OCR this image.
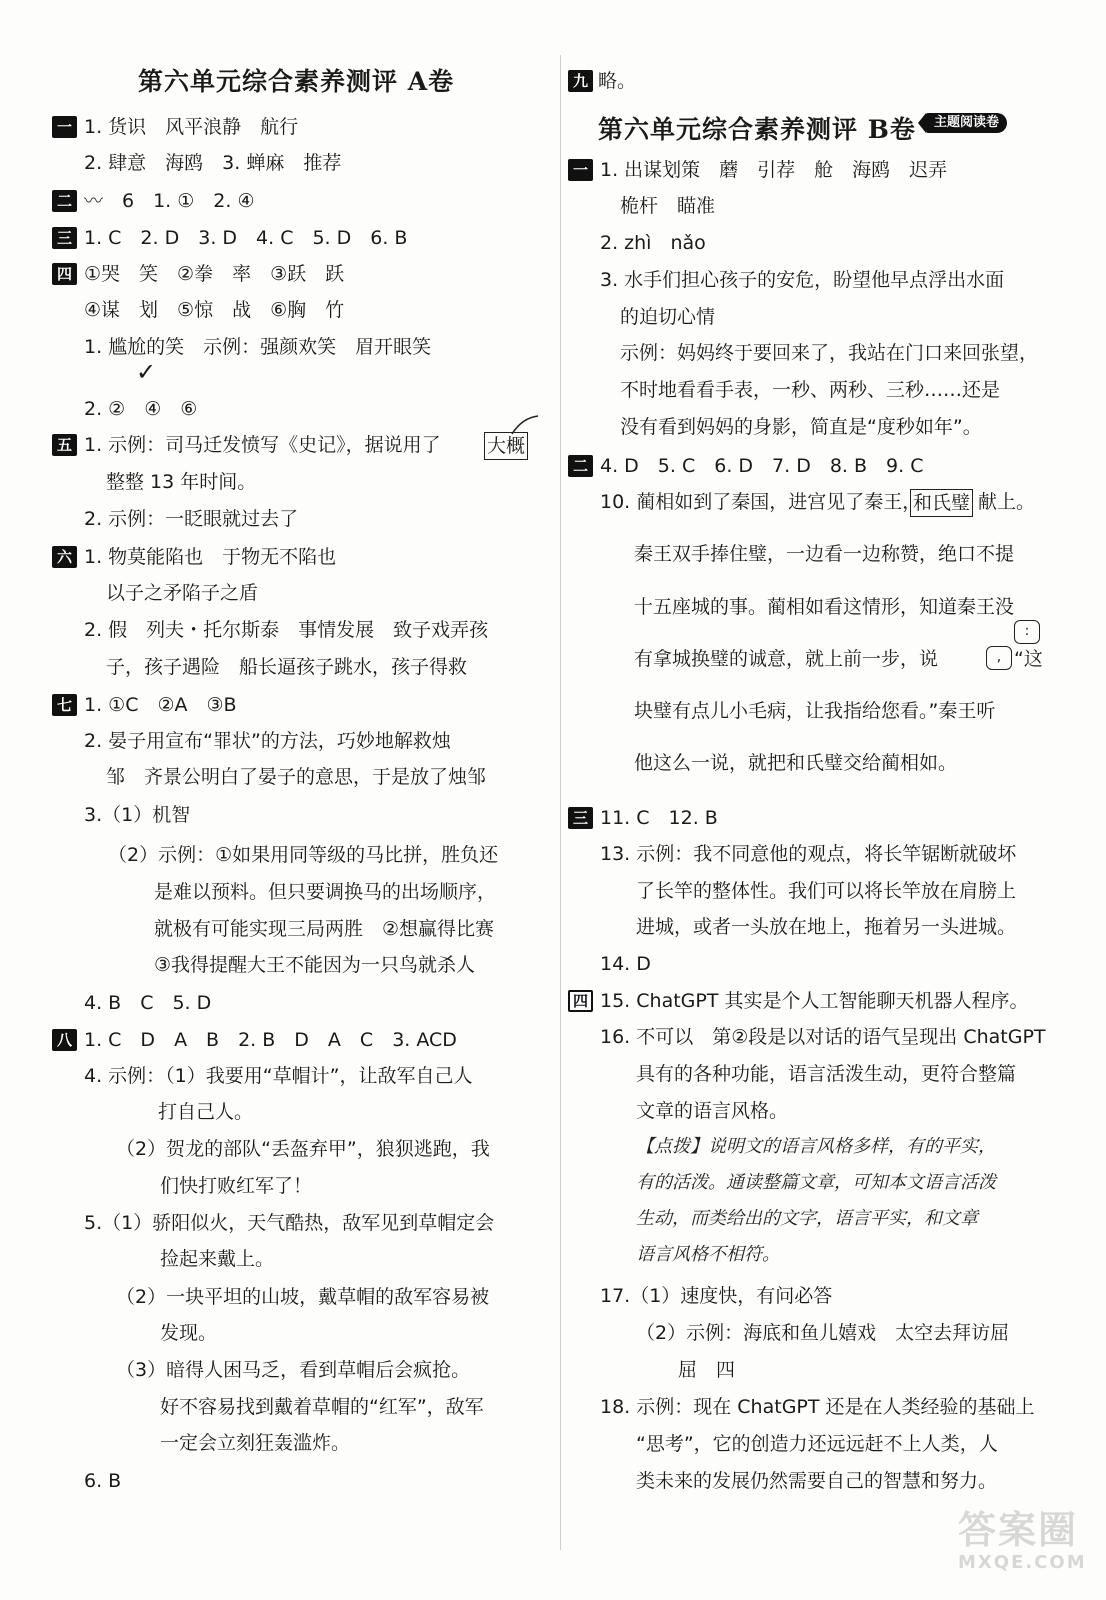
第六单元综合素养测评 A卷
一 1. 货识　风平浪静　航行
2. 肆意　海鸥　3. 蝉麻　推荐
二 〰　6　1. ①　2. ④
三 1. C　2. D　3. D　4. C　5. D　6. B
四 ①哭　笑　②拳　率　③跃　跃
④谋　划　⑤惊　战　⑥胸　竹
1. 尴尬的笑　示例：强颜欢笑　眉开眼笑
✓
2. ②　④　⑥
五 1. 示例：司马迁发愤写《史记》，据说用了 大概
整整 13 年时间。
2. 示例：一眨眼就过去了
六 1. 物莫能陷也　于物无不陷也
以子之矛陷子之盾
2. 假　列夫・托尔斯泰　事情发展　致子戏弄孩
子，孩子遇险　船长逼孩子跳水，孩子得救
七 1. ①C　②A　③B
2. 晏子用宣布“罪状”的方法，巧妙地解救烛
邹　齐景公明白了晏子的意思，于是放了烛邹
3.（1）机智
（2）示例：①如果用同等级的马比拼，胜负还
是难以预料。但只要调换马的出场顺序，
就极有可能实现三局两胜　②想赢得比赛
③我得提醒大王不能因为一只鸟就杀人
4. B　C　5. D
八 1. C　D　A　B　2. B　D　A　C　3. ACD
4. 示例：（1）我要用“草帽计”，让敌军自己人
打自己人。
（2）贺龙的部队“丢盔弃甲”，狼狈逃跑，我
们快打败红军了！
5.（1）骄阳似火，天气酷热，敌军见到草帽定会
捡起来戴上。
（2）一块平坦的山坡，戴草帽的敌军容易被
发现。
（3）暗得人困马乏，看到草帽后会疯抢。
好不容易找到戴着草帽的“红军”，敌军
一定会立刻狂轰滥炸。
6. B
九 略。
第六单元综合素养测评 B卷	主题阅读卷
一 1. 出谋划策　蘑　引荐　舱　海鸥　迟弄
桅杆　瞄准
2. zhì　nǎo
3. 水手们担心孩子的安危，盼望他早点浮出水面
的迫切心情
示例：妈妈终于要回来了，我站在门口来回张望，
不时地看看手表，一秒、两秒、三秒……还是
没有看到妈妈的身影，简直是“度秒如年”。
二 4. D　5. C　6. D　7. D　8. B　9. C
10. 蔺相如到了秦国，进宫见了秦王，
和氏璧 献上。
秦王双手捧住璧，一边看一边称赞，绝口不提
十五座城的事。蔺相如看这情形，知道秦王没
有拿城换璧的诚意，就上前一步，说	,
:
“这
块璧有点儿小毛病，让我指给您看。”秦王听
他这么一说，就把和氏璧交给蔺相如。
三 11. C　12. B
13. 示例：我不同意他的观点，将长竿锯断就破坏
了长竿的整体性。我们可以将长竿放在肩膀上
进城，或者一头放在地上，拖着另一头进城。
14. D
四 15. ChatGPT 其实是个人工智能聊天机器人程序。
16. 不可以　第②段是以对话的语气呈现出 ChatGPT
具有的各种功能，语言活泼生动，更符合整篇
文章的语言风格。
【点拨】说明文的语言风格多样，有的平实，
有的活泼。通读整篇文章，可知本文语言活泼
生动，而类给出的文字，语言平实，和文章
语言风格不相符。
17.（1）速度快，有问必答
（2）示例：海底和鱼儿嬉戏　太空去拜访屈
屈　四
18. 示例：现在 ChatGPT 还是在人类经验的基础上
“思考”，它的创造力还远远赶不上人类，人
类未来的发展仍然需要自己的智慧和努力。
答案圈
MXQE.COM
